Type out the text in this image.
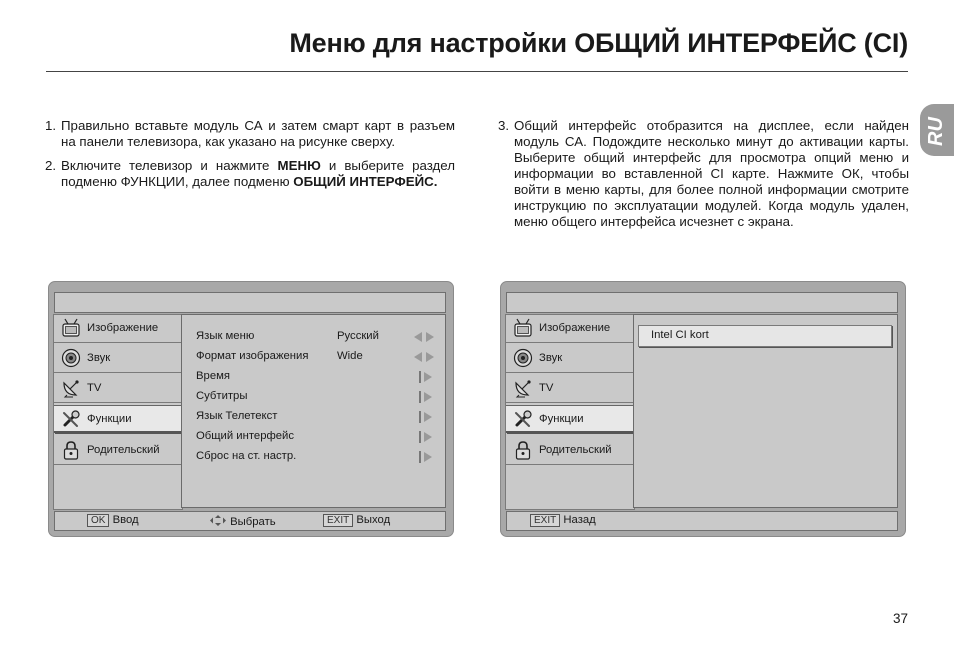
Меню для настройки ОБЩИЙ ИНТЕРФЕЙС (CI)
RU
1. Правильно вставьте модуль СА и затем смарт карт в разъем на панели телевизора, как указано на рисунке сверху.
2. Включите телевизор и нажмите МЕНЮ и выберите раздел подменю ФУНКЦИИ, далее подменю ОБЩИЙ ИНТЕРФЕЙС.
3. Общий интерфейс отобразится на дисплее, если найден модуль СА. Подождите несколько минут до активации карты. Выберите общий интерфейс для просмотра опций меню и информации во вставленной CI карте. Нажмите ОК, чтобы войти в меню карты, для более полной информации смотрите инструкцию по эксплуатации модулей. Когда модуль удален, меню общего интерфейса исчезнет с экрана.
Изображение
Звук
TV
Функции
Родительский
Язык меню	Русский
Формат изображения	Wide
Время
Субтитры
Язык Телетекст
Общий интерфейс
Сброс на ст. настр.
OK Ввод	Выбрать	EXIT Выход
Изображение
Звук
TV
Функции
Родительский
Intel CI kort
EXIT Назад
37
